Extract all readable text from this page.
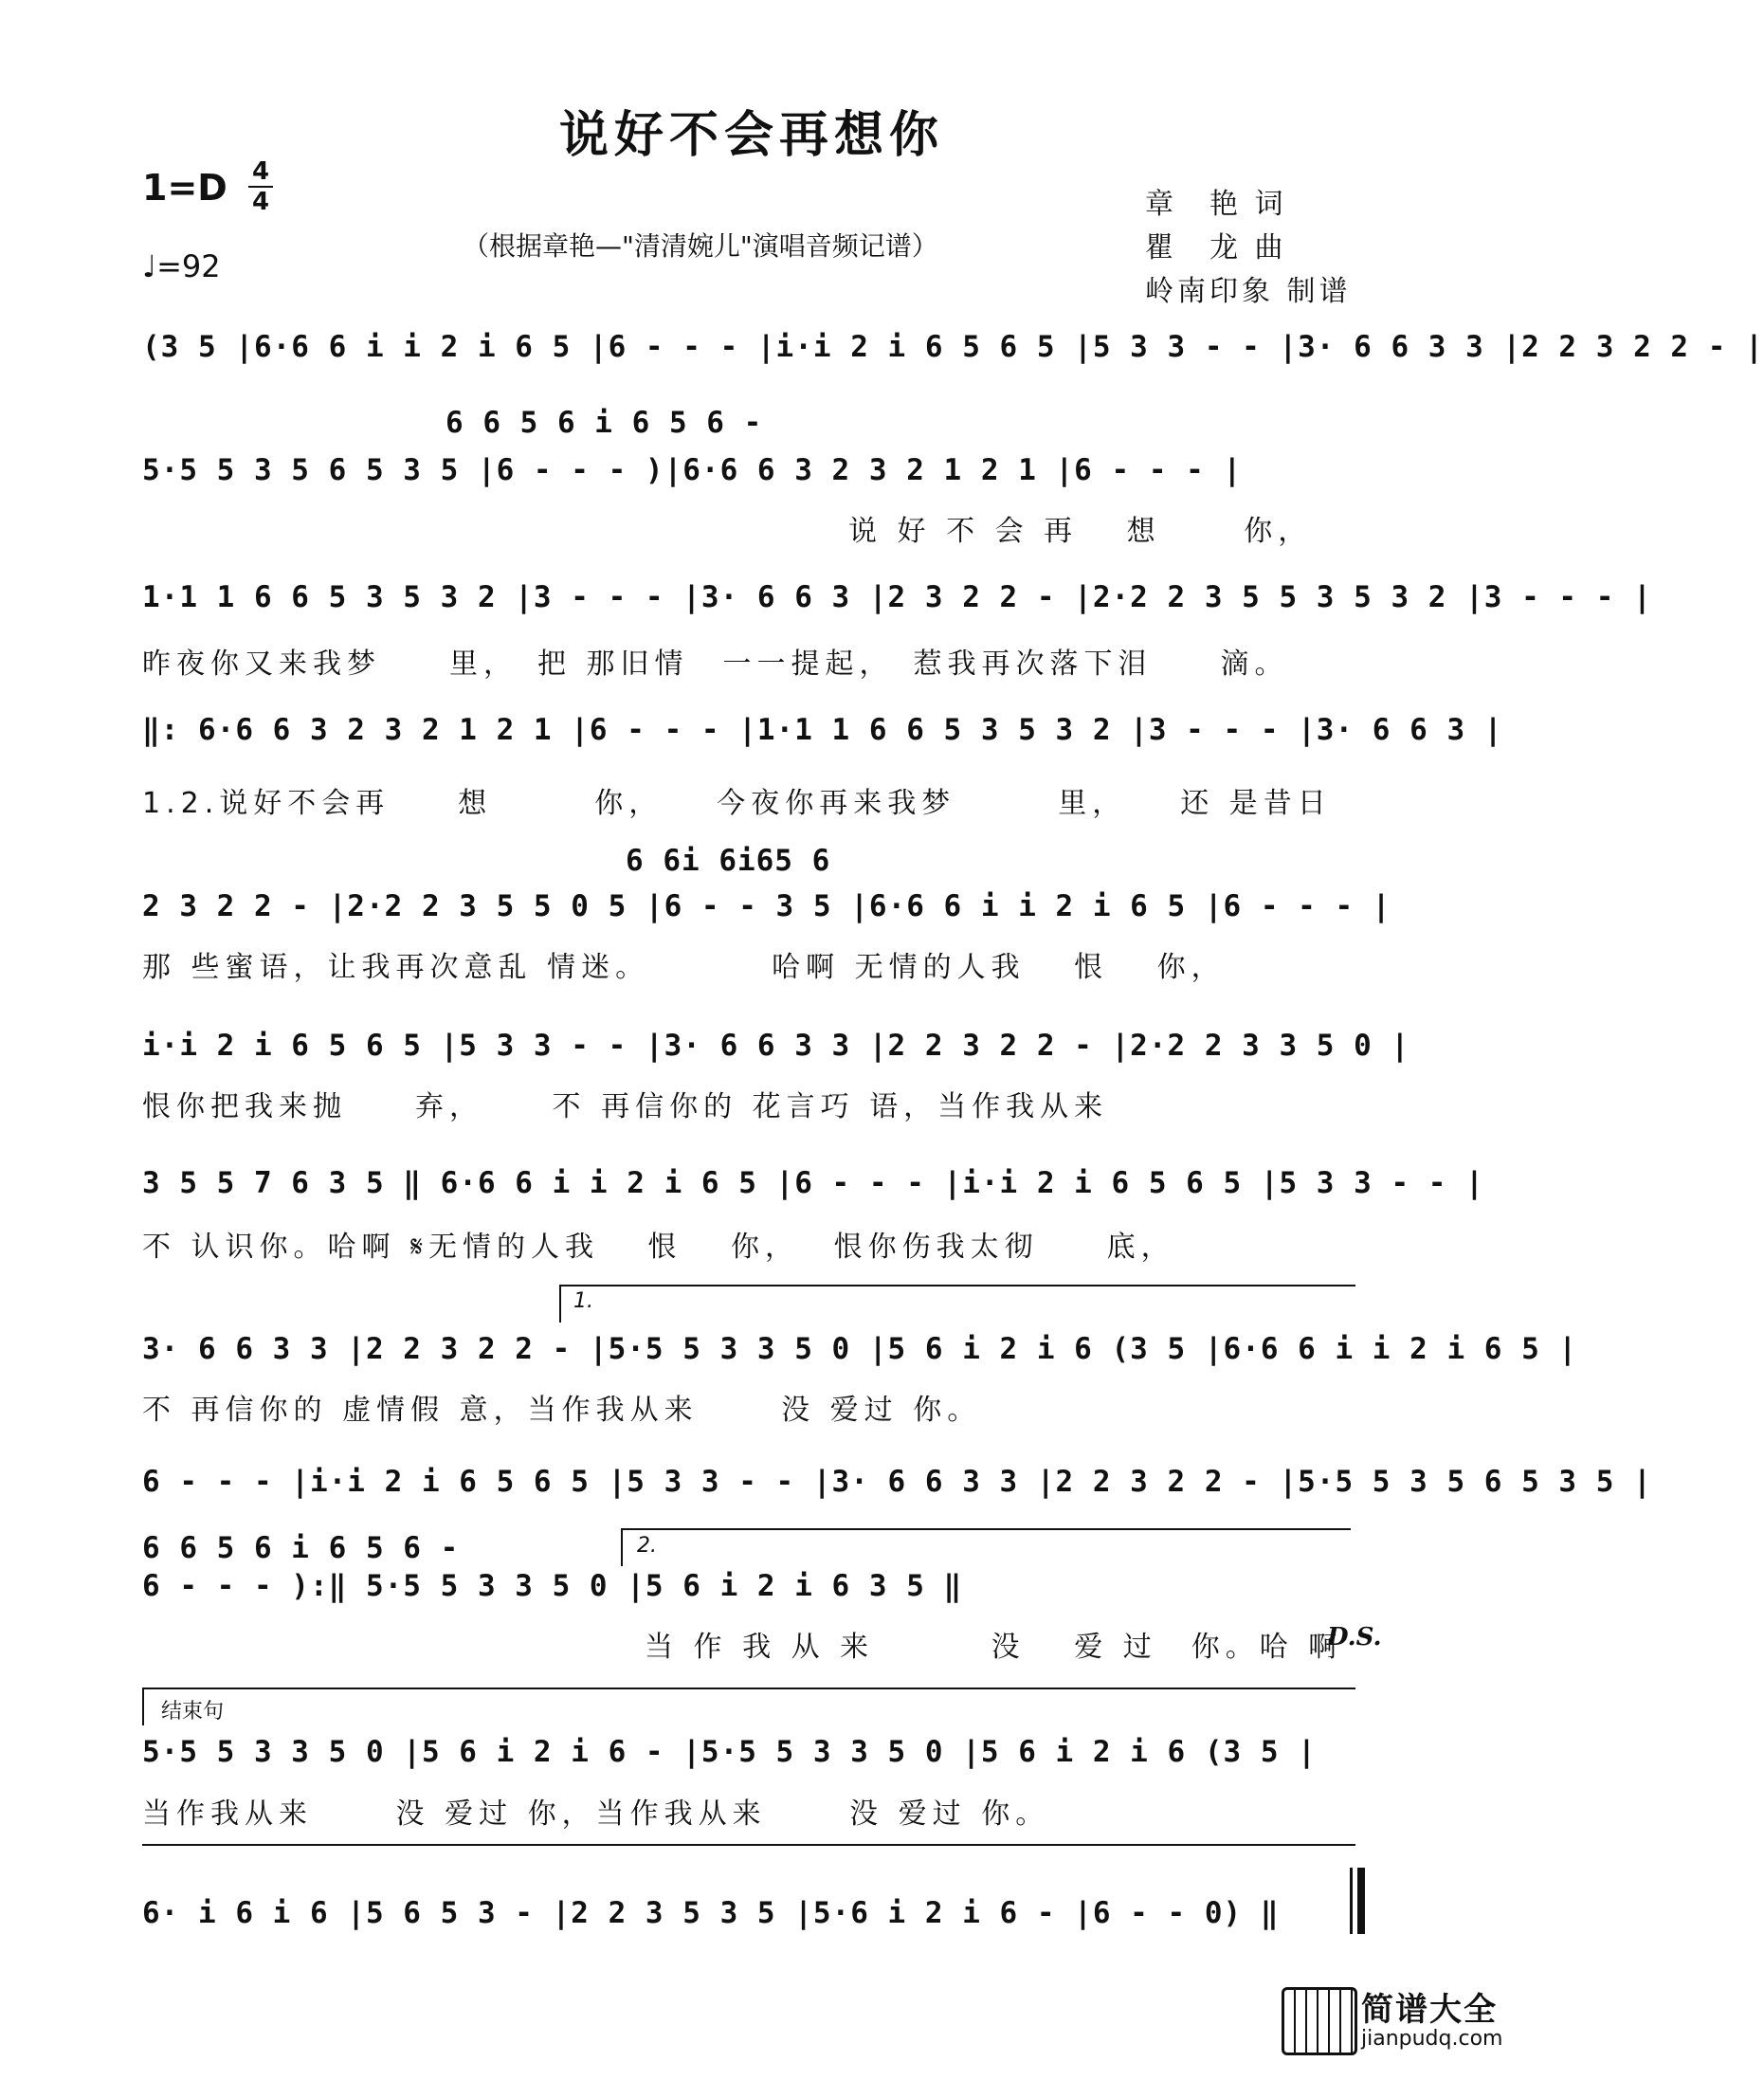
说好不会再想你
1=D 4
4
♩=92
（根据章艳—"清清婉儿"演唱音频记谱）
章　艳 词
瞿　龙 曲
岭南印象 制谱
(3 5 |6·6 6 i i 2 i 6 5 |6 - - - |i·i 2 i 6 5 6 5 |5 3 3 - - |3· 6 6 3 3 |2 2 3 2 2 - |
6 6 5 6 i 6 5 6 -
5·5 5 3 5 6 5 3 5 |6 - - - )|6·6 6 3 2 3 2 1 2 1 |6 - - - |
说 好 不 会 再　 想　　 你，
1·1 1 6 6 5 3 5 3 2 |3 - - - |3· 6 6 3 |2 3 2 2 - |2·2 2 3 5 5 3 5 3 2 |3 - - - |
昨夜你又来我梦　　里，　把 那旧情　一一提起，　惹我再次落下泪　　滴。
‖: 6·6 6 3 2 3 2 1 2 1 |6 - - - |1·1 1 6 6 5 3 5 3 2 |3 - - - |3· 6 6 3 |
1.2.说好不会再　　想　　　你，　　今夜你再来我梦　　　里，　　还 是昔日
6 6i 6i65 6
2 3 2 2 - |2·2 2 3 5 5 0 5 |6 - - 3 5 |6·6 6 i i 2 i 6 5 |6 - - - |
那 些蜜语，让我再次意乱 情迷。　　　　哈啊 无情的人我　 恨　 你，
i·i 2 i 6 5 6 5 |5 3 3 - - |3· 6 6 3 3 |2 2 3 2 2 - |2·2 2 3 3 5 0 |
恨你把我来抛　　弃，　　 不 再信你的 花言巧 语，当作我从来
3 5 5 7 6 3 5 ‖ 6·6 6 i i 2 i 6 5 |6 - - - |i·i 2 i 6 5 6 5 |5 3 3 - - |
不 认识你。哈啊 𝄋无情的人我　 恨　 你，　 恨你伤我太彻　　底，
1.
3· 6 6 3 3 |2 2 3 2 2 - |5·5 5 3 3 5 0 |5 6 i 2 i 6 (3 5 |6·6 6 i i 2 i 6 5 |
不 再信你的 虚情假 意，当作我从来　　 没 爱过 你。
6 - - - |i·i 2 i 6 5 6 5 |5 3 3 - - |3· 6 6 3 3 |2 2 3 2 2 - |5·5 5 3 5 6 5 3 5 |
6 6 5 6 i 6 5 6 -	2.
6 - - - ):‖ 5·5 5 3 3 5 0 |5 6 i 2 i 6 3 5 ‖
当 作 我 从 来　　　 没　 爱 过　你。哈 啊
D.S.
结束句
5·5 5 3 3 5 0 |5 6 i 2 i 6 - |5·5 5 3 3 5 0 |5 6 i 2 i 6 (3 5 |
当作我从来　　 没 爱过 你，当作我从来　　 没 爱过 你。
6· i 6 i 6 |5 6 5 3 - |2 2 3 5 3 5 |5·6 i 2 i 6 - |6 - - 0) ‖
简谱大全
jianpudq.com
